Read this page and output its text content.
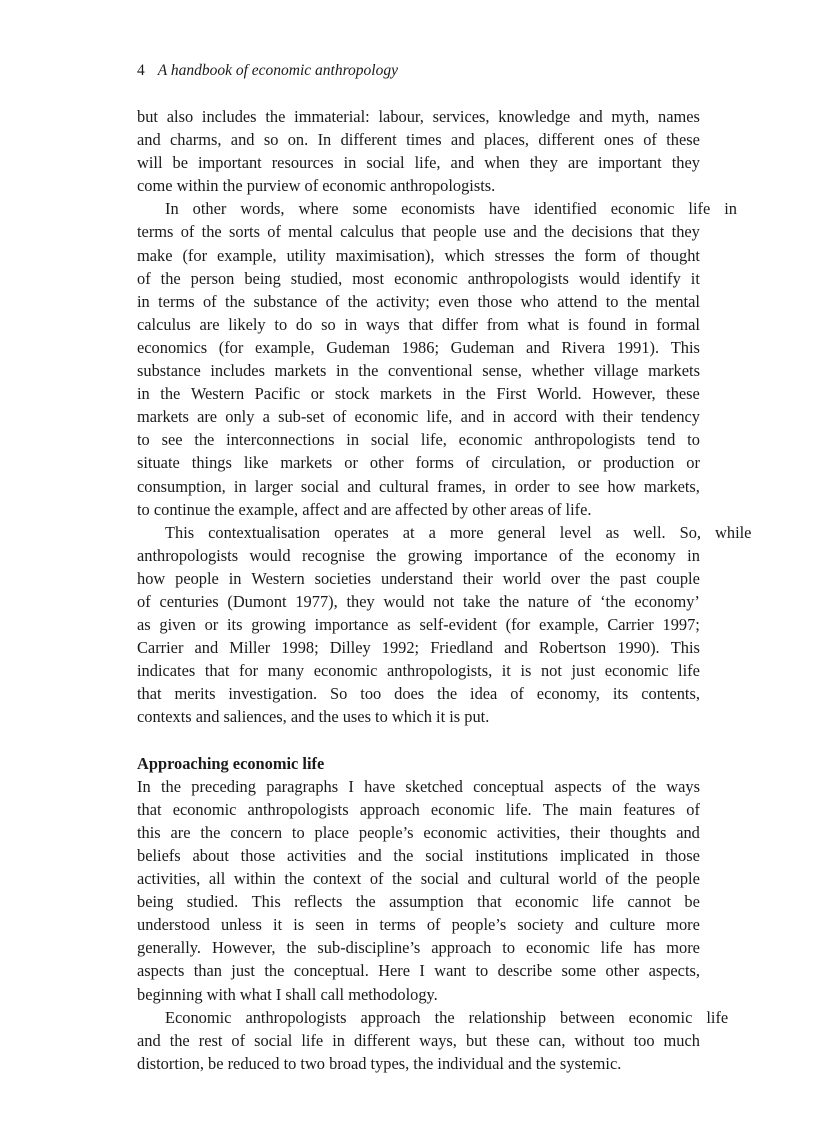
4 A handbook of economic anthropology
but also includes the immaterial: labour, services, knowledge and myth, names
and charms, and so on. In different times and places, different ones of these
will be important resources in social life, and when they are important they
come within the purview of economic anthropologists.
In other words, where some economists have identified economic life in
terms of the sorts of mental calculus that people use and the decisions that they
make (for example, utility maximisation), which stresses the form of thought
of the person being studied, most economic anthropologists would identify it
in terms of the substance of the activity; even those who attend to the mental
calculus are likely to do so in ways that differ from what is found in formal
economics (for example, Gudeman 1986; Gudeman and Rivera 1991). This
substance includes markets in the conventional sense, whether village markets
in the Western Pacific or stock markets in the First World. However, these
markets are only a sub-set of economic life, and in accord with their tendency
to see the interconnections in social life, economic anthropologists tend to
situate things like markets or other forms of circulation, or production or
consumption, in larger social and cultural frames, in order to see how markets,
to continue the example, affect and are affected by other areas of life.
This contextualisation operates at a more general level as well. So, while
anthropologists would recognise the growing importance of the economy in
how people in Western societies understand their world over the past couple
of centuries (Dumont 1977), they would not take the nature of ‘the economy’
as given or its growing importance as self-evident (for example, Carrier 1997;
Carrier and Miller 1998; Dilley 1992; Friedland and Robertson 1990). This
indicates that for many economic anthropologists, it is not just economic life
that merits investigation. So too does the idea of economy, its contents,
contexts and saliences, and the uses to which it is put.
Approaching economic life
In the preceding paragraphs I have sketched conceptual aspects of the ways
that economic anthropologists approach economic life. The main features of
this are the concern to place people’s economic activities, their thoughts and
beliefs about those activities and the social institutions implicated in those
activities, all within the context of the social and cultural world of the people
being studied. This reflects the assumption that economic life cannot be
understood unless it is seen in terms of people’s society and culture more
generally. However, the sub-discipline’s approach to economic life has more
aspects than just the conceptual. Here I want to describe some other aspects,
beginning with what I shall call methodology.
Economic anthropologists approach the relationship between economic life
and the rest of social life in different ways, but these can, without too much
distortion, be reduced to two broad types, the individual and the systemic.
